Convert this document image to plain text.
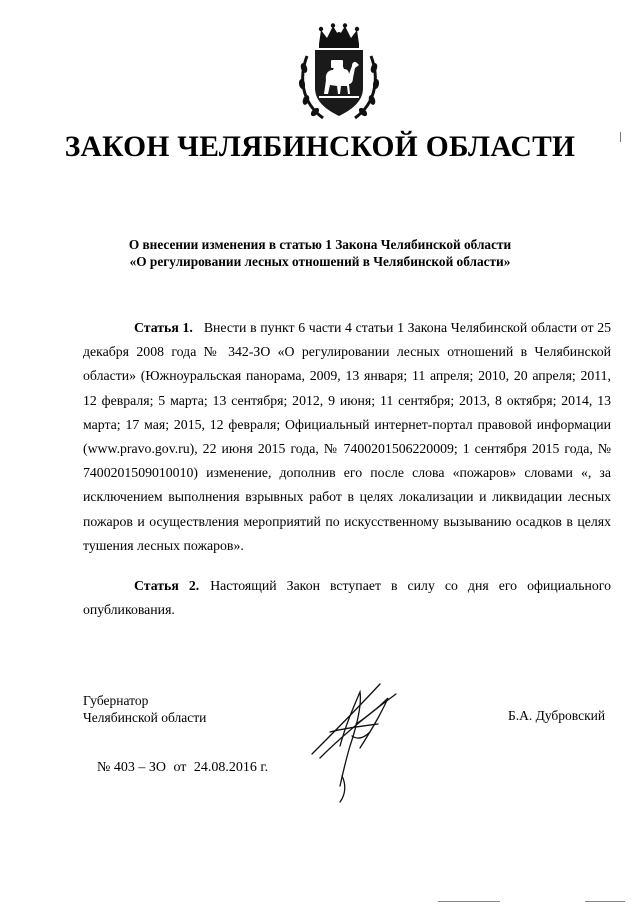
ЗАКОН ЧЕЛЯБИНСКОЙ ОБЛАСТИ
О внесении изменения в статью 1 Закона Челябинской области
«О регулировании лесных отношений в Челябинской области»
Статья 1. Внести в пункт 6 части 4 статьи 1 Закона Челябинской области от 25 декабря 2008 года № 342-ЗО «О регулировании лесных отношений в Челябинской области» (Южноуральская панорама, 2009, 13 января; 11 апреля; 2010, 20 апреля; 2011, 12 февраля; 5 марта; 13 сентября; 2012, 9 июня; 11 сентября; 2013, 8 октября; 2014, 13 марта; 17 мая; 2015, 12 февраля; Официальный интернет-портал правовой информации (www.pravo.gov.ru), 22 июня 2015 года, № 7400201506220009; 1 сентября 2015 года, № 7400201509010010) изменение, дополнив его после слова «пожаров» словами «, за исключением выполнения взрывных работ в целях локализации и ликвидации лесных пожаров и осуществления мероприятий по искусственному вызыванию осадков в целях тушения лесных пожаров».
Статья 2. Настоящий Закон вступает в силу со дня его официального опубликования.
Губернатор
Челябинской области	Б.А. Дубровский
№ 403 – ЗО от 24.08.2016 г.
